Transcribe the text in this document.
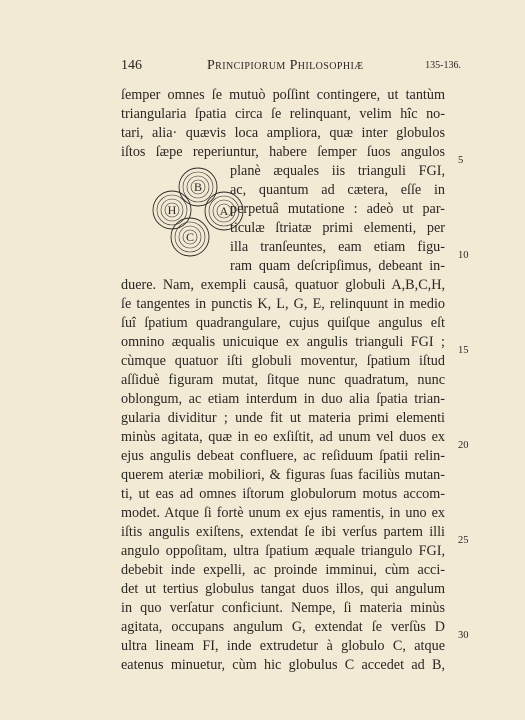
146	Principiorum Philosophiæ	135-136.
ſemper omnes ſe mutuò poſſint contingere, ut tantùm
triangularia ſpatia circa ſe relinquant, velim hîc no-
tari, alia· quævis loca ampliora, quæ inter globulos
iſtos ſæpe reperiuntur, habere ſemper ſuos angulos
planè æquales iis trianguli FGI,
ac, quantum ad cætera, eſſe in
perpetuâ mutatione : adeò ut par-
ticulæ ſtriatæ primi elementi, per
illa tranſeuntes, eam etiam figu-
ram quam deſcripſimus, debeant in-
duere. Nam, exempli causâ, quatuor globuli A,B,C,H,
ſe tangentes in punctis K, L, G, E, relinquunt in medio
ſuî ſpatium quadrangulare, cujus quiſque angulus eſt
omnino æqualis unicuique ex angulis trianguli FGI ;
cùmque quatuor iſti globuli moventur, ſpatium iſtud
aſſiduè figuram mutat, ſitque nunc quadratum, nunc
oblongum, ac etiam interdum in duo alia ſpatia trian-
gularia dividitur ; unde fit ut materia primi elementi
minùs agitata, quæ in eo exſiſtit, ad unum vel duos ex
ejus angulis debeat confluere, ac reſiduum ſpatii relin-
querem ateriæ mobiliori, & figuras ſuas faciliùs mutan-
ti, ut eas ad omnes iſtorum globulorum motus accom-
modet. Atque ſi fortè unum ex ejus ramentis, in uno ex
iſtis angulis exiſtens, extendat ſe ibi verſus partem illi
angulo oppoſitam, ultra ſpatium æquale triangulo FGI,
debebit inde expelli, ac proinde imminui, cùm acci-
det ut tertius globulus tangat duos illos, qui angulum
in quo verſatur conficiunt. Nempe, ſi materia minùs
agitata, occupans angulum G, extendat ſe verſùs D
ultra lineam FI, inde extrudetur à globulo C, atque
eatenus minuetur, cùm hic globulus C accedet ad B,
5
10
15
20
25
30
B
H	A
C
